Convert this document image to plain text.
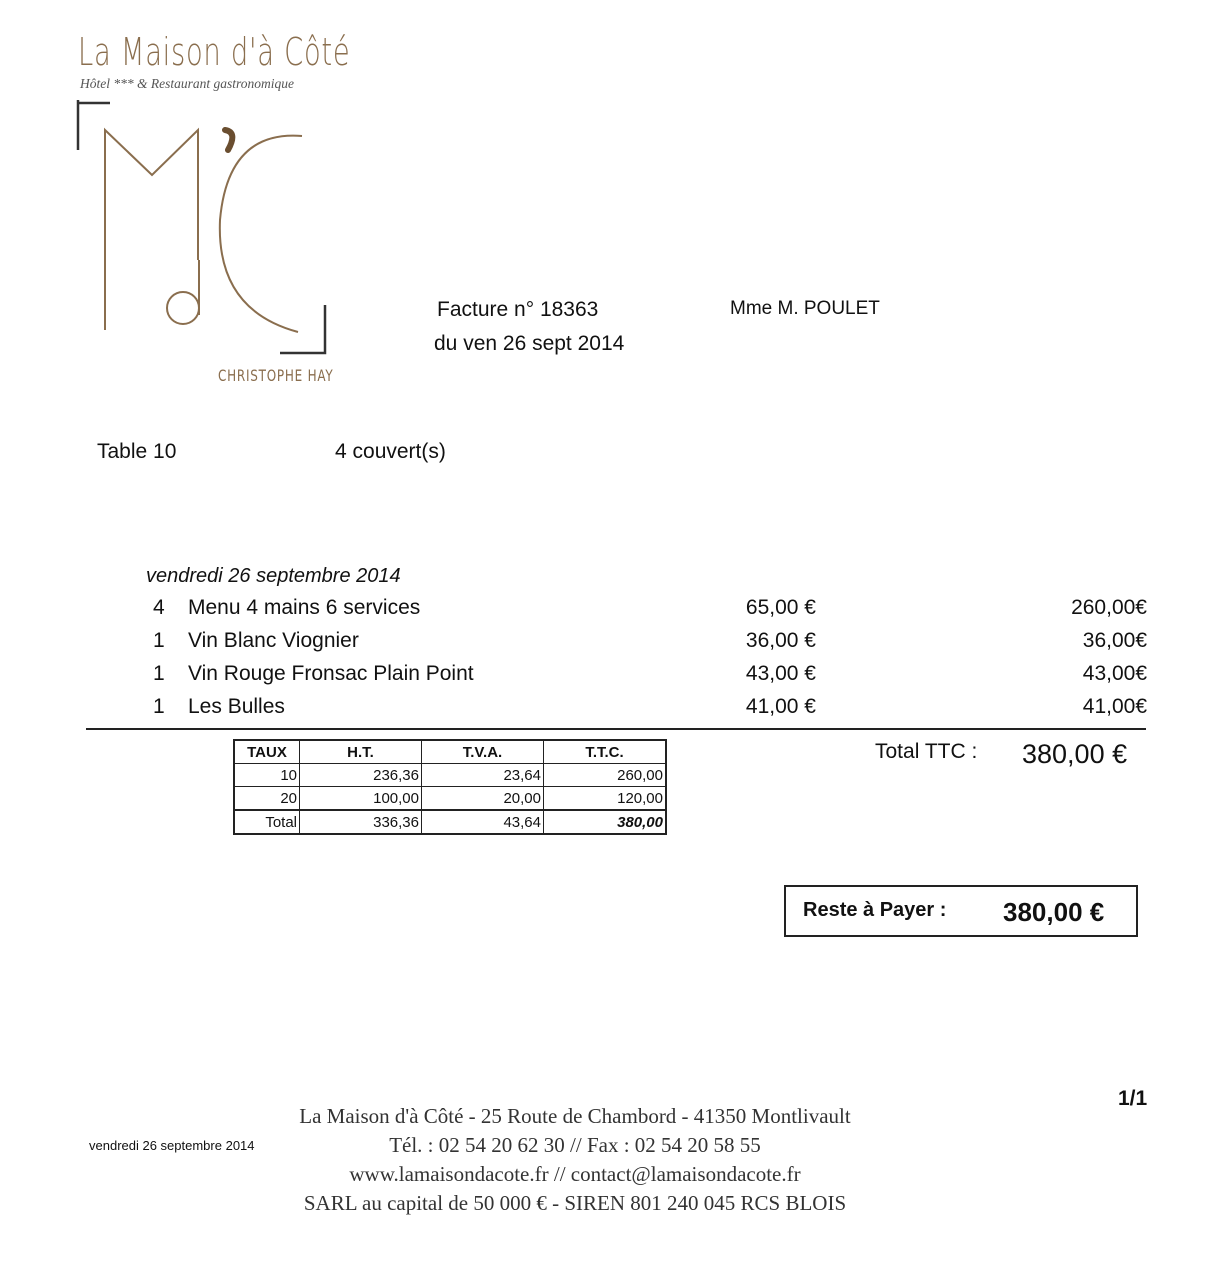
La Maison d'à Côté
Hôtel *** & Restaurant gastronomique
CHRISTOPHE HAY
Facture n° 18363
du ven 26 sept 2014
Mme M. POULET
Table 10	4 couvert(s)
vendredi 26 septembre 2014
4 Menu 4 mains 6 services	65,00 €	260,00€
1 Vin Blanc Viognier	36,00 €	36,00€
1 Vin Rouge Fronsac Plain Point	43,00 €	43,00€
1 Les Bulles	41,00 €	41,00€
TAUX	H.T.	T.V.A.	T.T.C.
10	236,36	23,64	260,00
20	100,00	20,00	120,00
Total	336,36	43,64	380,00
Total TTC : 380,00 €
Reste à Payer : 380,00 €
1/1
vendredi 26 septembre 2014
La Maison d'à Côté - 25 Route de Chambord - 41350 Montlivault
Tél. : 02 54 20 62 30 // Fax : 02 54 20 58 55
www.lamaisondacote.fr // contact@lamaisondacote.fr
SARL au capital de 50 000 € - SIREN 801 240 045 RCS BLOIS
